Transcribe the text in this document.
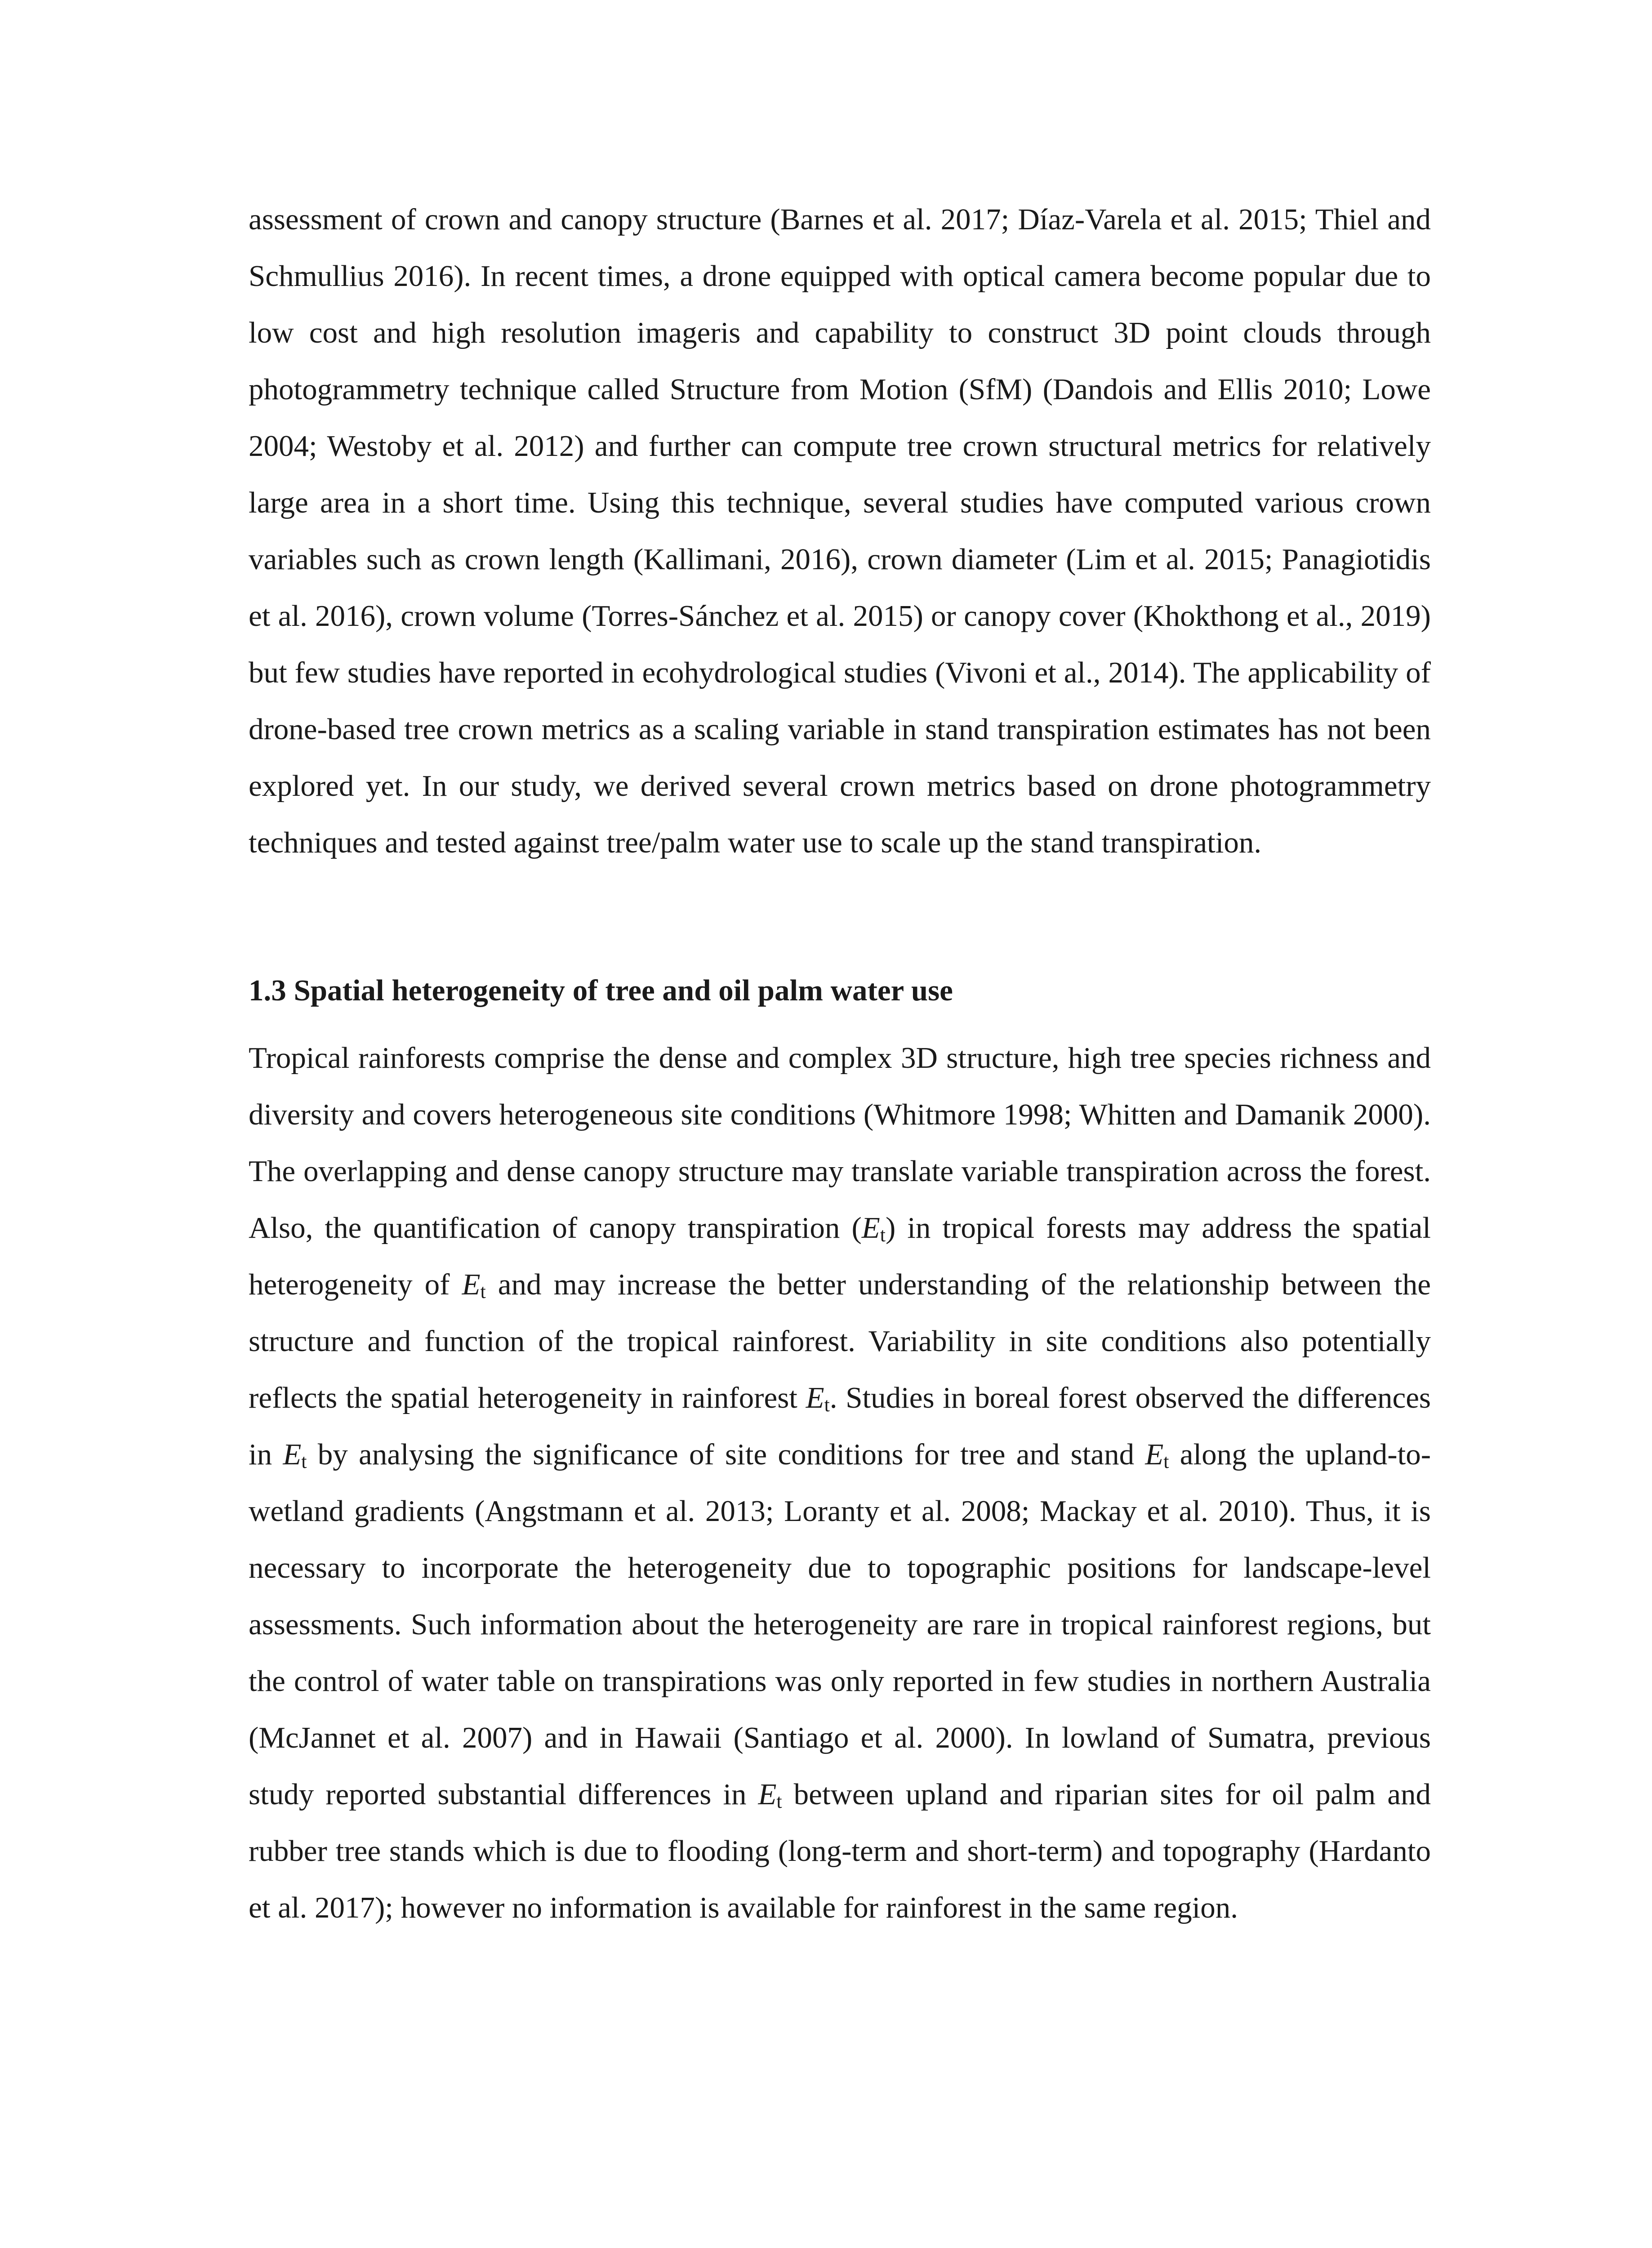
assessment of crown and canopy structure (Barnes et al. 2017; Díaz-Varela et al. 2015; Thiel and Schmullius 2016). In recent times, a drone equipped with optical camera become popular due to low cost and high resolution imageris and capability to construct 3D point clouds through photogrammetry technique called Structure from Motion (SfM) (Dandois and Ellis 2010; Lowe 2004; Westoby et al. 2012) and further can compute tree crown structural metrics for relatively large area in a short time. Using this technique, several studies have computed various crown variables such as crown length (Kallimani, 2016), crown diameter (Lim et al. 2015; Panagiotidis et al. 2016), crown volume (Torres-Sánchez et al. 2015) or canopy cover (Khokthong et al., 2019) but few studies have reported in ecohydrological studies (Vivoni et al., 2014). The applicability of drone-based tree crown metrics as a scaling variable in stand transpiration estimates has not been explored yet. In our study, we derived several crown metrics based on drone photogrammetry techniques and tested against tree/palm water use to scale up the stand transpiration.

1.3 Spatial heterogeneity of tree and oil palm water use

Tropical rainforests comprise the dense and complex 3D structure, high tree species richness and diversity and covers heterogeneous site conditions (Whitmore 1998; Whitten and Damanik 2000). The overlapping and dense canopy structure may translate variable transpiration across the forest. Also, the quantification of canopy transpiration $(E_t)$ in tropical forests may address the spatial heterogeneity of $E_t$ and may increase the better understanding of the relationship between the structure and function of the tropical rainforest. Variability in site conditions also potentially reflects the spatial heterogeneity in rainforest $E_t$. Studies in boreal forest observed the differences in $E_t$ by analysing the significance of site conditions for tree and stand $E_t$ along the upland-to-wetland gradients (Angstmann et al. 2013; Loranty et al. 2008; Mackay et al. 2010). Thus, it is necessary to incorporate the heterogeneity due to topographic positions for landscape-level assessments. Such information about the heterogeneity are rare in tropical rainforest regions, but the control of water table on transpirations was only reported in few studies in northern Australia (McJannet et al. 2007) and in Hawaii (Santiago et al. 2000). In lowland of Sumatra, previous study reported substantial differences in $E_t$ between upland and riparian sites for oil palm and rubber tree stands which is due to flooding (long-term and short-term) and topography (Hardanto et al. 2017); however no information is available for rainforest in the same region.
